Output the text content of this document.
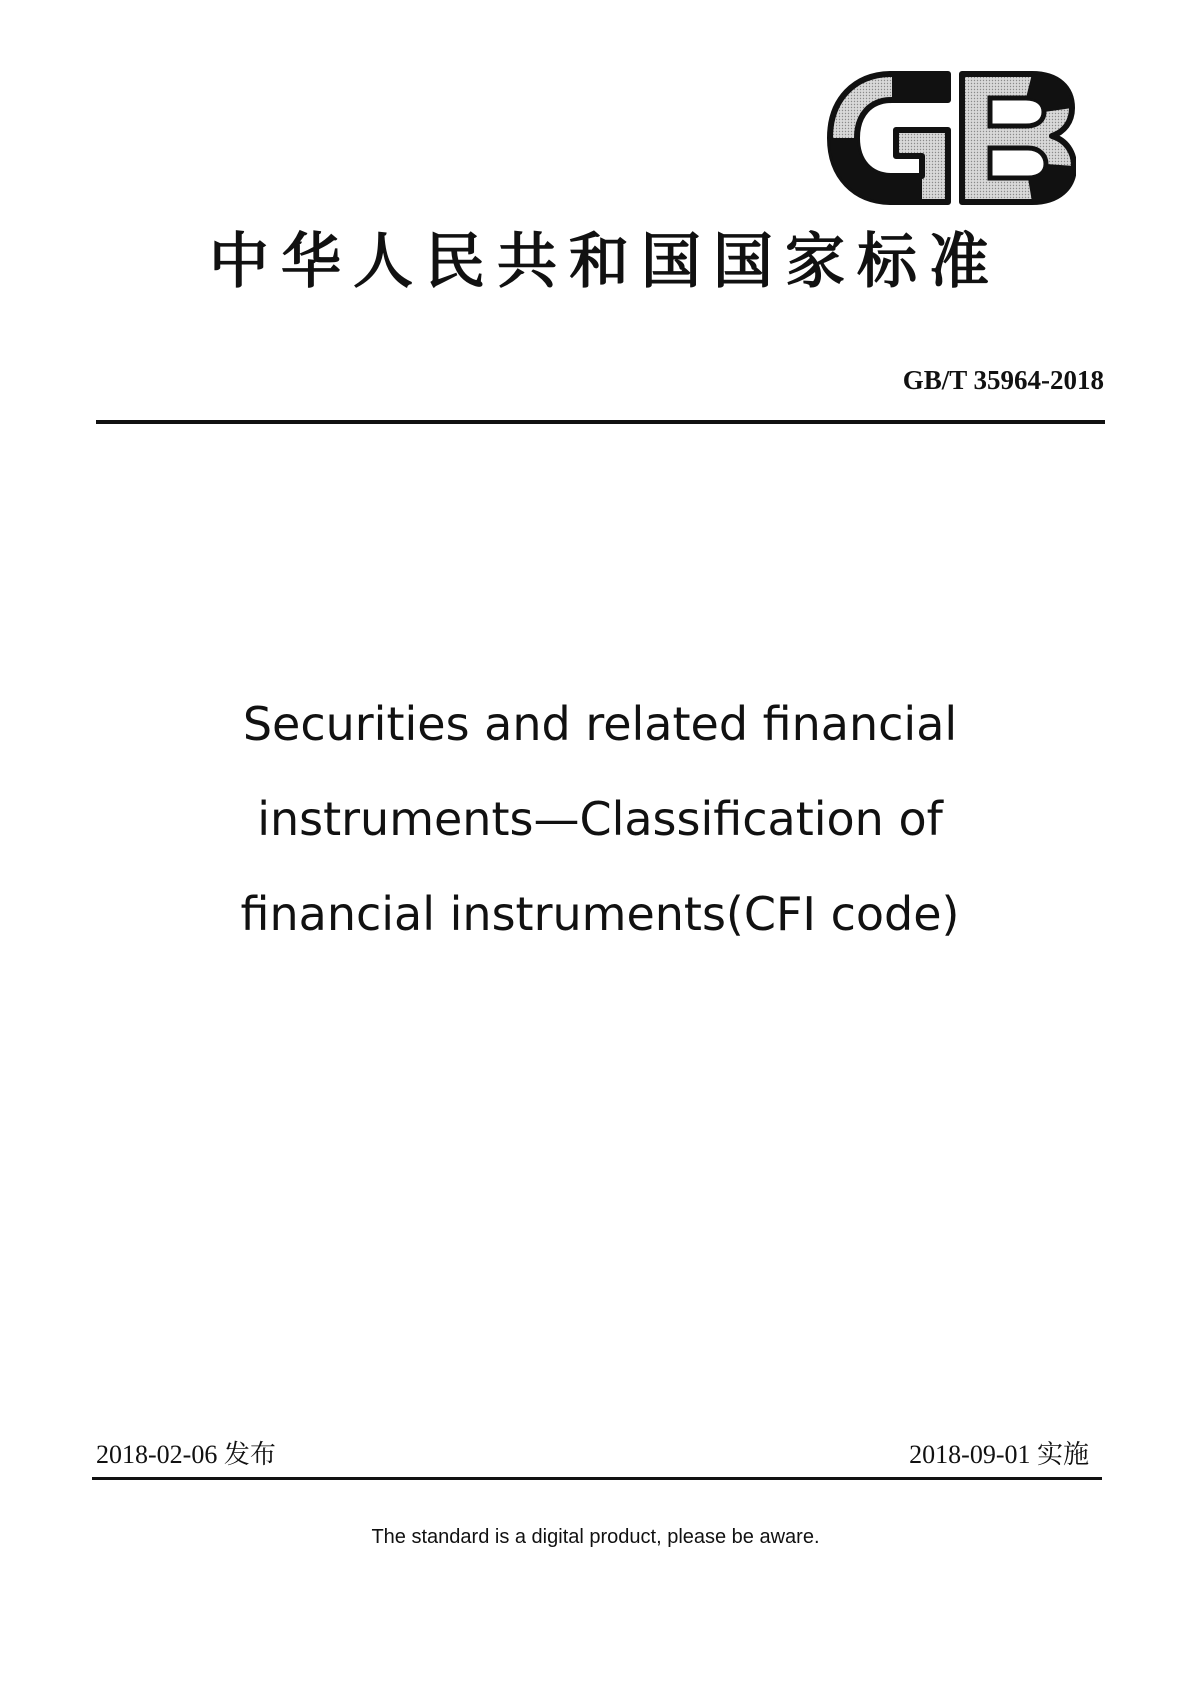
中华人民共和国国家标准
GB/T 35964-2018
Securities and related financial
instruments—Classification of
financial instruments(CFI code)
2018-02-06 发布	2018-09-01 实施
The standard is a digital product, please be aware.
